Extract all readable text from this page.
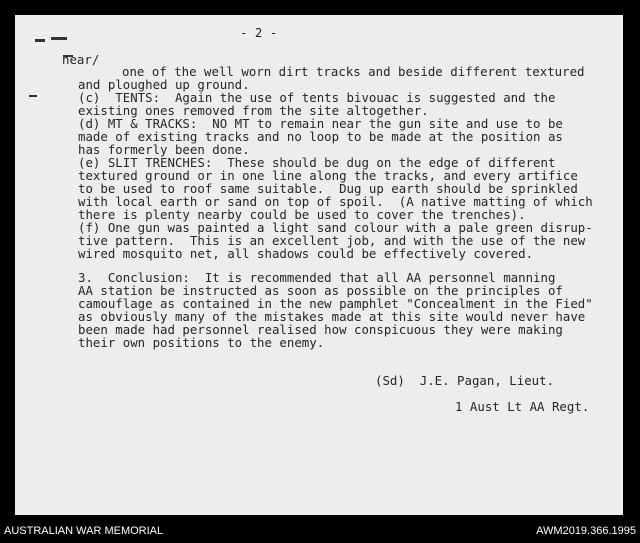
- 2 -
near/
one of the well worn dirt tracks and beside different textured
and ploughed up ground.
(c)  TENTS:  Again the use of tents bivouac is suggested and the
existing ones removed from the site altogether.
(d) MT & TRACKS:  NO MT to remain near the gun site and use to be
made of existing tracks and no loop to be made at the position as
has formerly been done.
(e) SLIT TRENCHES:  These should be dug on the edge of different
textured ground or in one line along the tracks, and every artifice
to be used to roof same suitable.  Dug up earth should be sprinkled
with local earth or sand on top of spoil.  (A native matting of which
there is plenty nearby could be used to cover the trenches).
(f) One gun was painted a light sand colour with a pale green disrup-
tive pattern.  This is an excellent job, and with the use of the new
wired mosquito net, all shadows could be effectively covered.
3.  Conclusion:  It is recommended that all AA personnel manning
AA station be instructed as soon as possible on the principles of
camouflage as contained in the new pamphlet "Concealment in the Fied"
as obviously many of the mistakes made at this site would never have
been made had personnel realised how conspicuous they were making
their own positions to the enemy.
(Sd)  J.E. Pagan, Lieut.
1 Aust Lt AA Regt.
AUSTRALIAN WAR MEMORIAL	AWM2019.366.1995
